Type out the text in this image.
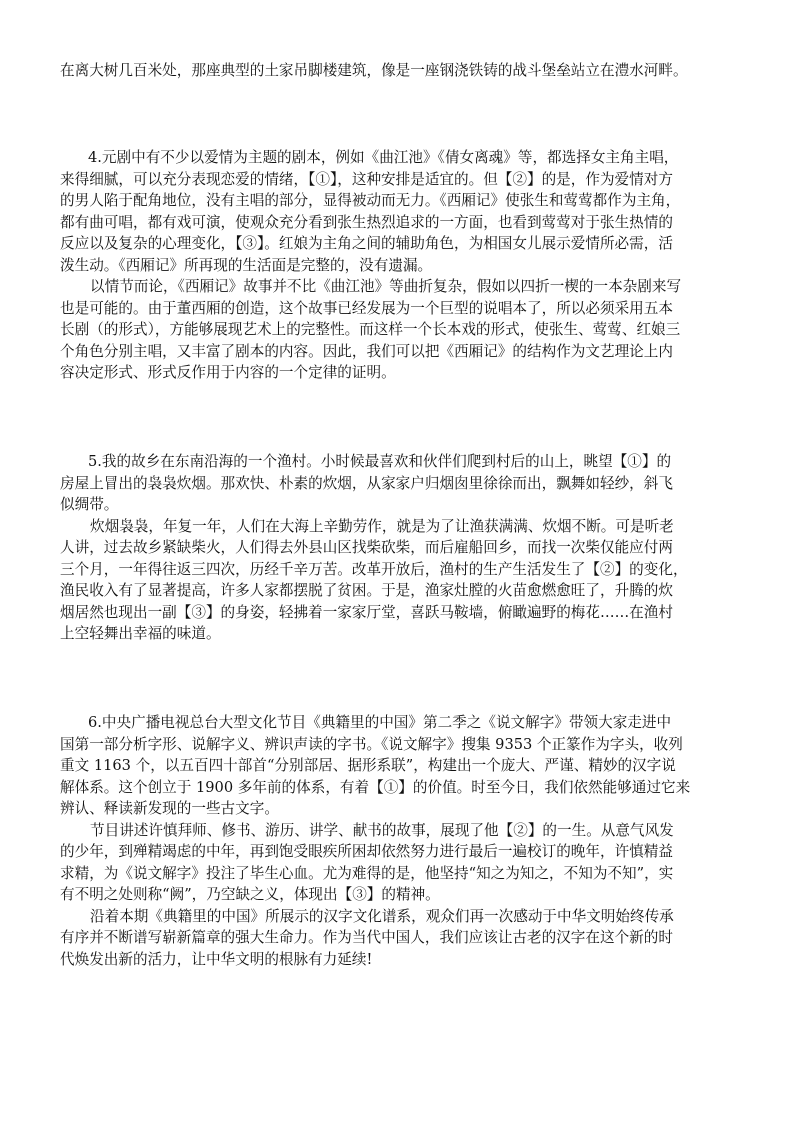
在离大树几百米处，那座典型的土家吊脚楼建筑，像是一座钢浇铁铸的战斗堡垒站立在澧水河畔。
4.元剧中有不少以爱情为主题的剧本，例如《曲江池》《倩女离魂》等，都选择女主角主唱，
来得细腻，可以充分表现恋爱的情绪，【①】，这种安排是适宜的。但【②】的是，作为爱情对方
的男人陷于配角地位，没有主唱的部分，显得被动而无力。《西厢记》使张生和莺莺都作为主角，
都有曲可唱，都有戏可演，使观众充分看到张生热烈追求的一方面，也看到莺莺对于张生热情的
反应以及复杂的心理变化，【③】。红娘为主角之间的辅助角色，为相国女儿展示爱情所必需，活
泼生动。《西厢记》所再现的生活面是完整的，没有遗漏。
以情节而论，《西厢记》故事并不比《曲江池》等曲折复杂，假如以四折一楔的一本杂剧来写
也是可能的。由于董西厢的创造，这个故事已经发展为一个巨型的说唱本了，所以必须采用五本
长剧（的形式），方能够展现艺术上的完整性。而这样一个长本戏的形式，使张生、莺莺、红娘三
个角色分别主唱，又丰富了剧本的内容。因此，我们可以把《西厢记》的结构作为文艺理论上内
容决定形式、形式反作用于内容的一个定律的证明。
5.我的故乡在东南沿海的一个渔村。小时候最喜欢和伙伴们爬到村后的山上，眺望【①】的
房屋上冒出的袅袅炊烟。那欢快、朴素的炊烟，从家家户归烟囱里徐徐而出，飘舞如轻纱，斜飞
似绸带。
炊烟袅袅，年复一年，人们在大海上辛勤劳作，就是为了让渔获满满、炊烟不断。可是听老
人讲，过去故乡紧缺柴火，人们得去外县山区找柴砍柴，而后雇船回乡，而找一次柴仅能应付两
三个月，一年得往返三四次，历经千辛万苦。改革开放后，渔村的生产生活发生了【②】的变化，
渔民收入有了显著提高，许多人家都摆脱了贫困。于是，渔家灶膛的火苗愈燃愈旺了，升腾的炊
烟居然也现出一副【③】的身姿，轻拂着一家家厅堂，喜跃马鞍墙，俯瞰遍野的梅花……在渔村
上空轻舞出幸福的味道。
6.中央广播电视总台大型文化节目《典籍里的中国》第二季之《说文解字》带领大家走进中
国第一部分析字形、说解字义、辨识声读的字书。《说文解字》搜集 9353 个正篆作为字头，收列
重文 1163 个，以五百四十部首“分别部居、据形系联”，构建出一个庞大、严谨、精妙的汉字说
解体系。这个创立于 1900 多年前的体系，有着【①】的价值。时至今日，我们依然能够通过它来
辨认、释读新发现的一些古文字。
节目讲述许慎拜师、修书、游历、讲学、献书的故事，展现了他【②】的一生。从意气风发
的少年，到殚精竭虑的中年，再到饱受眼疾所困却依然努力进行最后一遍校订的晚年，许慎精益
求精，为《说文解字》投注了毕生心血。尤为难得的是，他坚持“知之为知之，不知为不知”，实
有不明之处则称“阙”，乃空缺之义，体现出【③】的精神。
沿着本期《典籍里的中国》所展示的汉字文化谱系，观众们再一次感动于中华文明始终传承
有序并不断谱写崭新篇章的强大生命力。作为当代中国人，我们应该让古老的汉字在这个新的时
代焕发出新的活力，让中华文明的根脉有力延续!
